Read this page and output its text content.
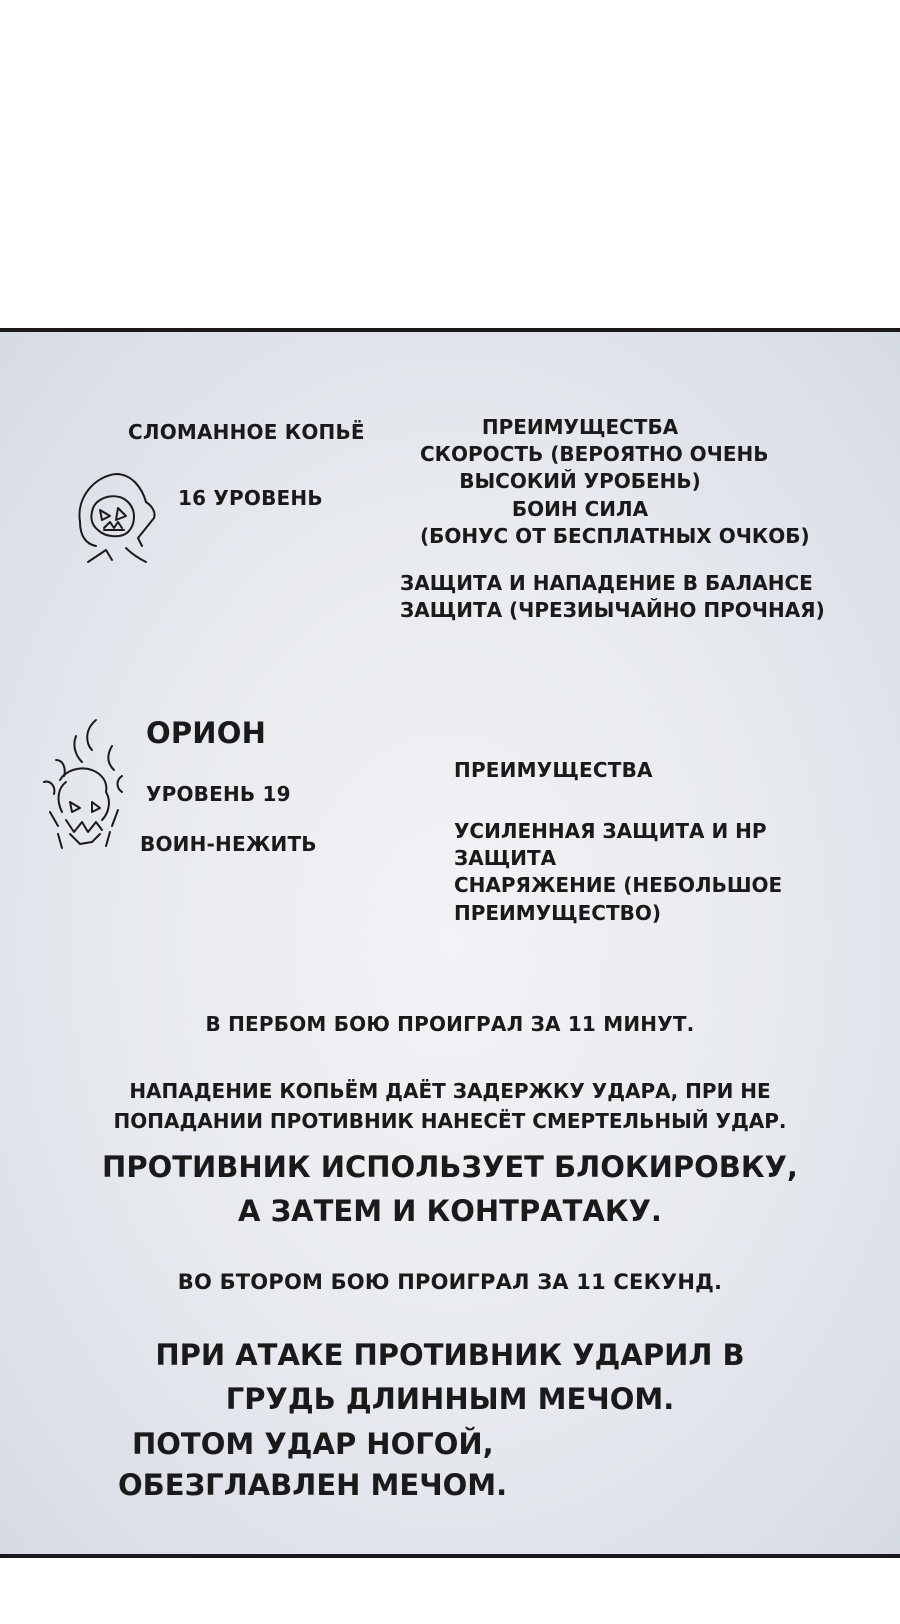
СЛОМАННОЕ КОПЬЁ
16 УРОВЕНЬ
ПРЕИМУЩЕСТБА
СКОРОСТЬ (ВЕРОЯТНО ОЧЕНЬ
ВЫСОКИЙ УРОБЕНЬ)
БОИН СИЛА
(БОНУС ОТ БЕСПЛАТНЫХ ОЧКОБ)
ЗАЩИТА И НАПАДЕНИЕ В БАЛАНСЕ
ЗАЩИТА (ЧРЕЗИЫЧАЙНО ПРОЧНАЯ)
ОРИОН
УРОВЕНЬ 19
ВОИН-НЕЖИТЬ
ПРЕИМУЩЕСТВА
УСИЛЕННАЯ ЗАЩИТА И НР
ЗАЩИТА
СНАРЯЖЕНИЕ (НЕБОЛЬШОЕ
ПРЕИМУЩЕСТВО)
В ПЕРБОМ БОЮ ПРОИГРАЛ ЗА 11 МИНУТ.
НАПАДЕНИЕ КОПЬЁМ ДАЁТ ЗАДЕРЖКУ УДАРА, ПРИ НЕ
ПОПАДАНИИ ПРОТИВНИК НАНЕСЁТ СМЕРТЕЛЬНЫЙ УДАР.
ПРОТИВНИК ИСПОЛЬЗУЕТ БЛОКИРОВКУ,
А ЗАТЕМ И КОНТРАТАКУ.
ВО БТОРОМ БОЮ ПРОИГРАЛ ЗА 11 СЕКУНД.
ПРИ АТАКЕ ПРОТИВНИК УДАРИЛ В
ГРУДЬ ДЛИННЫМ МЕЧОМ.
ПОТОМ УДАР НОГОЙ,
ОБЕЗГЛАВЛЕН МЕЧОМ.
